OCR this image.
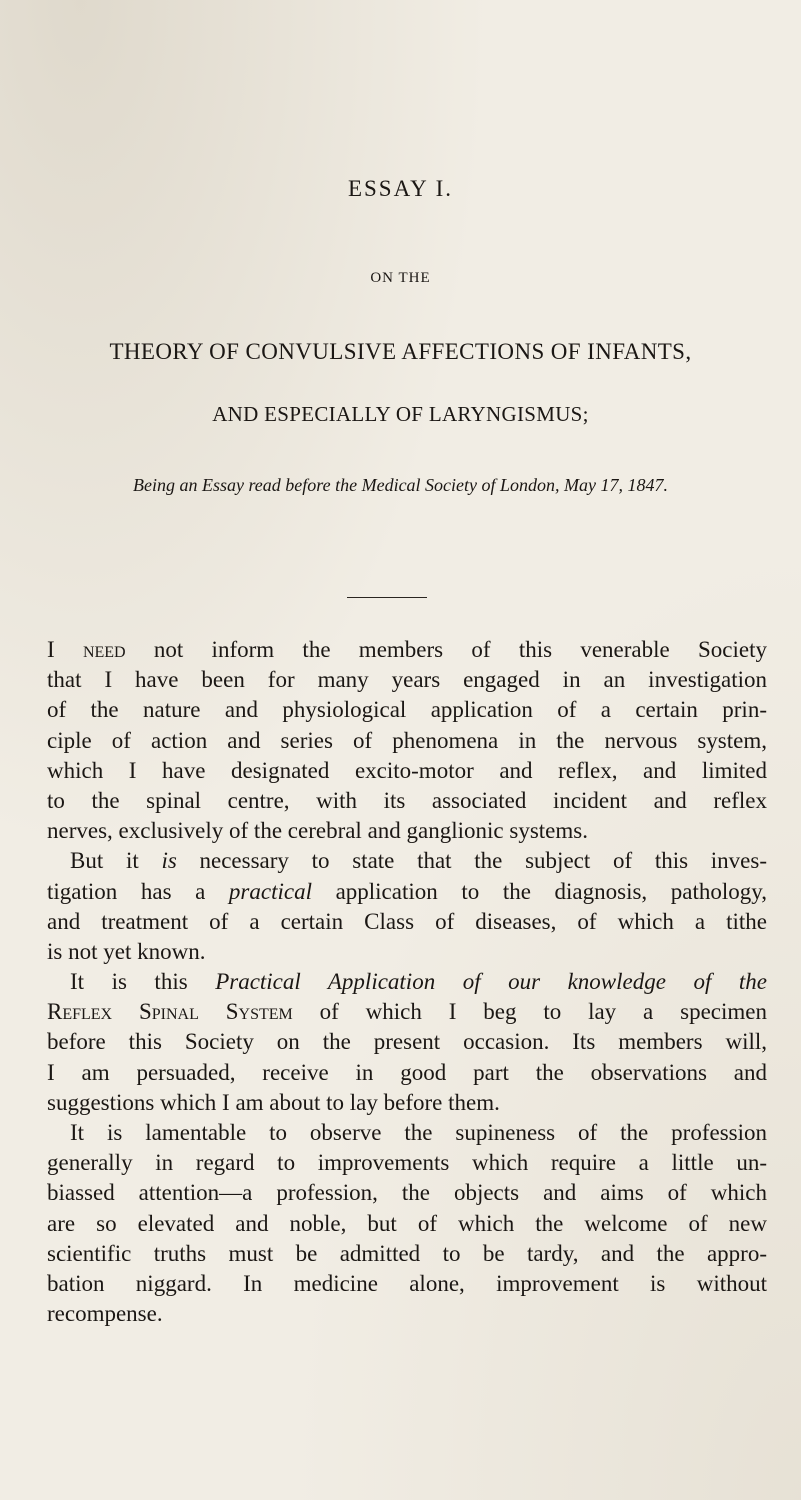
ESSAY I.
ON THE
THEORY OF CONVULSIVE AFFECTIONS OF INFANTS,
AND ESPECIALLY OF LARYNGISMUS;
Being an Essay read before the Medical Society of London, May 17, 1847.
I need not inform the members of this venerable Society
that I have been for many years engaged in an investigation
of the nature and physiological application of a certain prin-
ciple of action and series of phenomena in the nervous system,
which I have designated excito-motor and reflex, and limited
to the spinal centre, with its associated incident and reflex
nerves, exclusively of the cerebral and ganglionic systems.
 But it is necessary to state that the subject of this inves-
tigation has a practical application to the diagnosis, pathology,
and treatment of a certain Class of diseases, of which a tithe
is not yet known.
 It is this Practical Application of our knowledge of the
Reflex Spinal System of which I beg to lay a specimen
before this Society on the present occasion. Its members will,
I am persuaded, receive in good part the observations and
suggestions which I am about to lay before them.
 It is lamentable to observe the supineness of the profession
generally in regard to improvements which require a little un-
biassed attention—a profession, the objects and aims of which
are so elevated and noble, but of which the welcome of new
scientific truths must be admitted to be tardy, and the appro-
bation niggard. In medicine alone, improvement is without
recompense.
